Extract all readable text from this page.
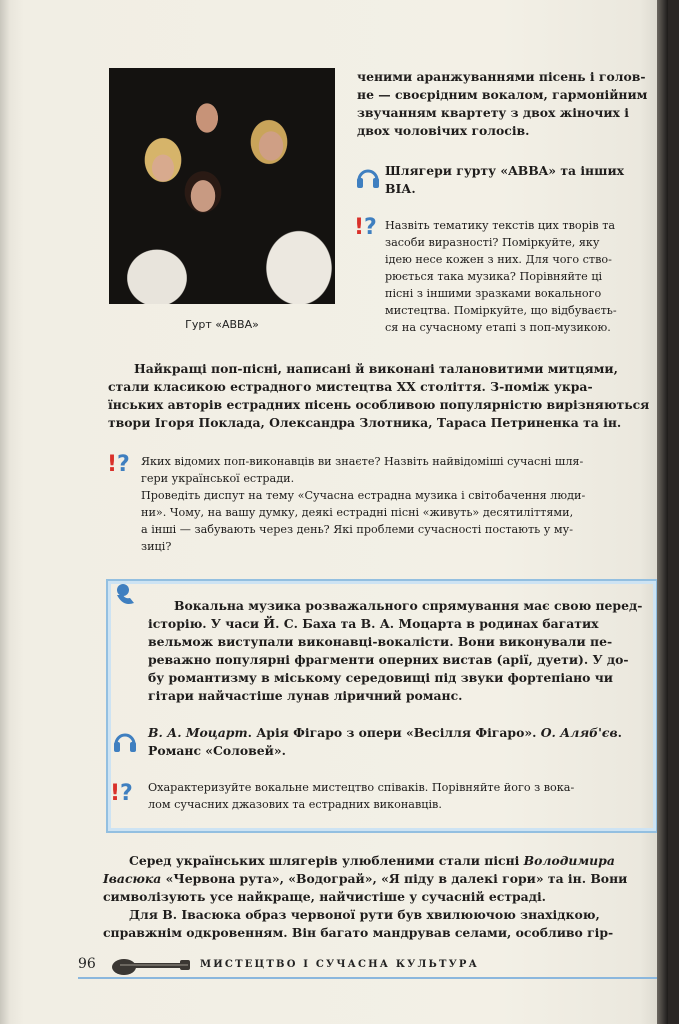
Гурт «ABBA»

ченими аранжуваннями пісень і голов-

не — своєрідним вокалом, гармонійним

звучанням квартету з двох жіночих і

двох чоловічих голосів.

Шлягери гурту «ABBA» та інших

ВІА.

!? Назвіть тематику текстів цих творів та

засоби виразності? Поміркуйте, яку

ідею несе кожен з них. Для чого ство-

рюється така музика? Порівняйте ці

пісні з іншими зразками вокального

мистецтва. Поміркуйте, що відбуваєть-

ся на сучасному етапі з поп-музикою.

Найкращі поп-пісні, написані й виконані талановитими митцями,

стали класикою естрадного мистецтва ХХ століття. З-поміж укра-

їнських авторів естрадних пісень особливою популярністю вирізняються

твори Ігоря Поклада, Олександра Злотника, Тараса Петриненка та ін.

!? Яких відомих поп-виконавців ви знаєте? Назвіть найвідоміші сучасні шля-

гери української естради.

Проведіть диспут на тему «Сучасна естрадна музика і світобачення люди-

ни». Чому, на вашу думку, деякі естрадні пісні «живуть» десятиліттями,

а інші — забувають через день? Які проблеми сучасності постають у му-

зиці?

Вокальна музика розважального спрямування має свою перед-

історію. У часи Й. С. Баха та В. А. Моцарта в родинах багатих

вельмож виступали виконавці-вокалісти. Вони виконували пе-

реважно популярні фрагменти оперних вистав (арії, дуети). У до-

бу романтизму в міському середовищі під звуки фортепіано чи

гітари найчастіше лунав ліричний романс.

В. А. Моцарт. Арія Фігаро з опери «Весілля Фігаро». О. Аляб'єв.

Романс «Соловей».

!? Охарактеризуйте вокальне мистецтво співаків. Порівняйте його з вока-

лом сучасних джазових та естрадних виконавців.

Серед українських шлягерів улюбленими стали пісні Володимира

Івасюка «Червона рута», «Водограй», «Я піду в далекі гори» та ін. Вони

символізують усе найкраще, найчистіше у сучасній естраді.

Для В. Івасюка образ червоної рути був хвилюючою знахідкою,

справжнім одкровенням. Він багато мандрував селами, особливо гір-

96	МИСТЕЦТВО І СУЧАСНА КУЛЬТУРА
